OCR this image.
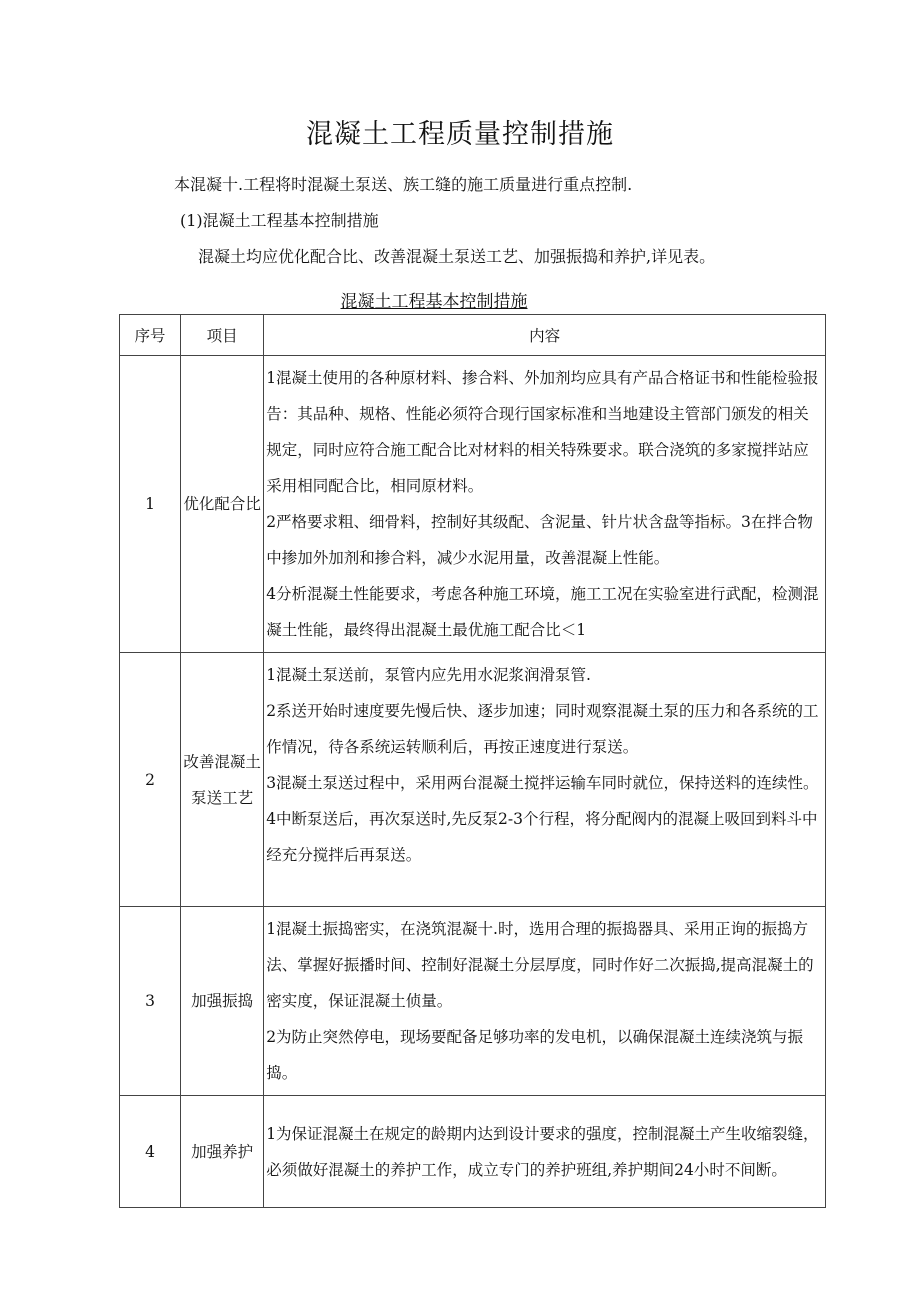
混凝土工程质量控制措施
本混凝十.工程将时混凝土泵送、族工缝的施工质量进行重点控制.
(1)混凝土工程基本控制措施
混凝土均应优化配合比、改善混凝土泵送工艺、加强振捣和养护,详见表。
混凝土工程基本控制措施
序号	项目	内容

1	优化配合比	1混凝土使用的各种原材料、掺合料、外加剂均应具有产品合格证书和性能检验报告：其品种、规格、性能必须符合现行国家标准和当地建设主管部门颁发的相关规定，同时应符合施工配合比对材料的相关特殊要求。联合浇筑的多家搅拌站应采用相同配合比，相同原材料。

2严格要求粗、细骨料，控制好其级配、含泥量、针片状含盘等指标。3在拌合物中掺加外加剂和掺合料，减少水泥用量，改善混凝上性能。

4分析混凝土性能要求，考虑各种施工环境，施工工况在实验室进行武配，检测混凝土性能，最终得出混凝土最优施工配合比＜1

2	改善混凝土泵送工艺	1混凝土泵送前，泵管内应先用水泥浆润滑泵管.

2系送开始时速度要先慢后快、逐步加速；同时观察混凝土泵的压力和各系统的工作情况，待各系统运转顺利后，再按正速度进行泵送。

3混凝土泵送过程中，采用两台混凝土搅拌运输车同时就位，保持送料的连续性。

4中断泵送后，再次泵送时,先反泵2-3个行程，将分配阀内的混凝上吸回到料斗中经充分搅拌后再泵送。

3	加强振捣	1混凝土振捣密实，在浇筑混凝十.时，选用合理的振捣器具、采用正询的振捣方法、掌握好振播时间、控制好混凝土分层厚度，同时作好二次振捣,提高混凝土的密实度，保证混凝土侦量。

2为防止突然停电，现场要配备足够功率的发电机，以确保混凝土连续浇筑与振捣。

4	加强养护	1为保证混凝土在规定的龄期内达到设计要求的强度，控制混凝土产生收缩裂缝，必须做好混凝土的养护工作，成立专门的养护班组,养护期间24小时不间断。
